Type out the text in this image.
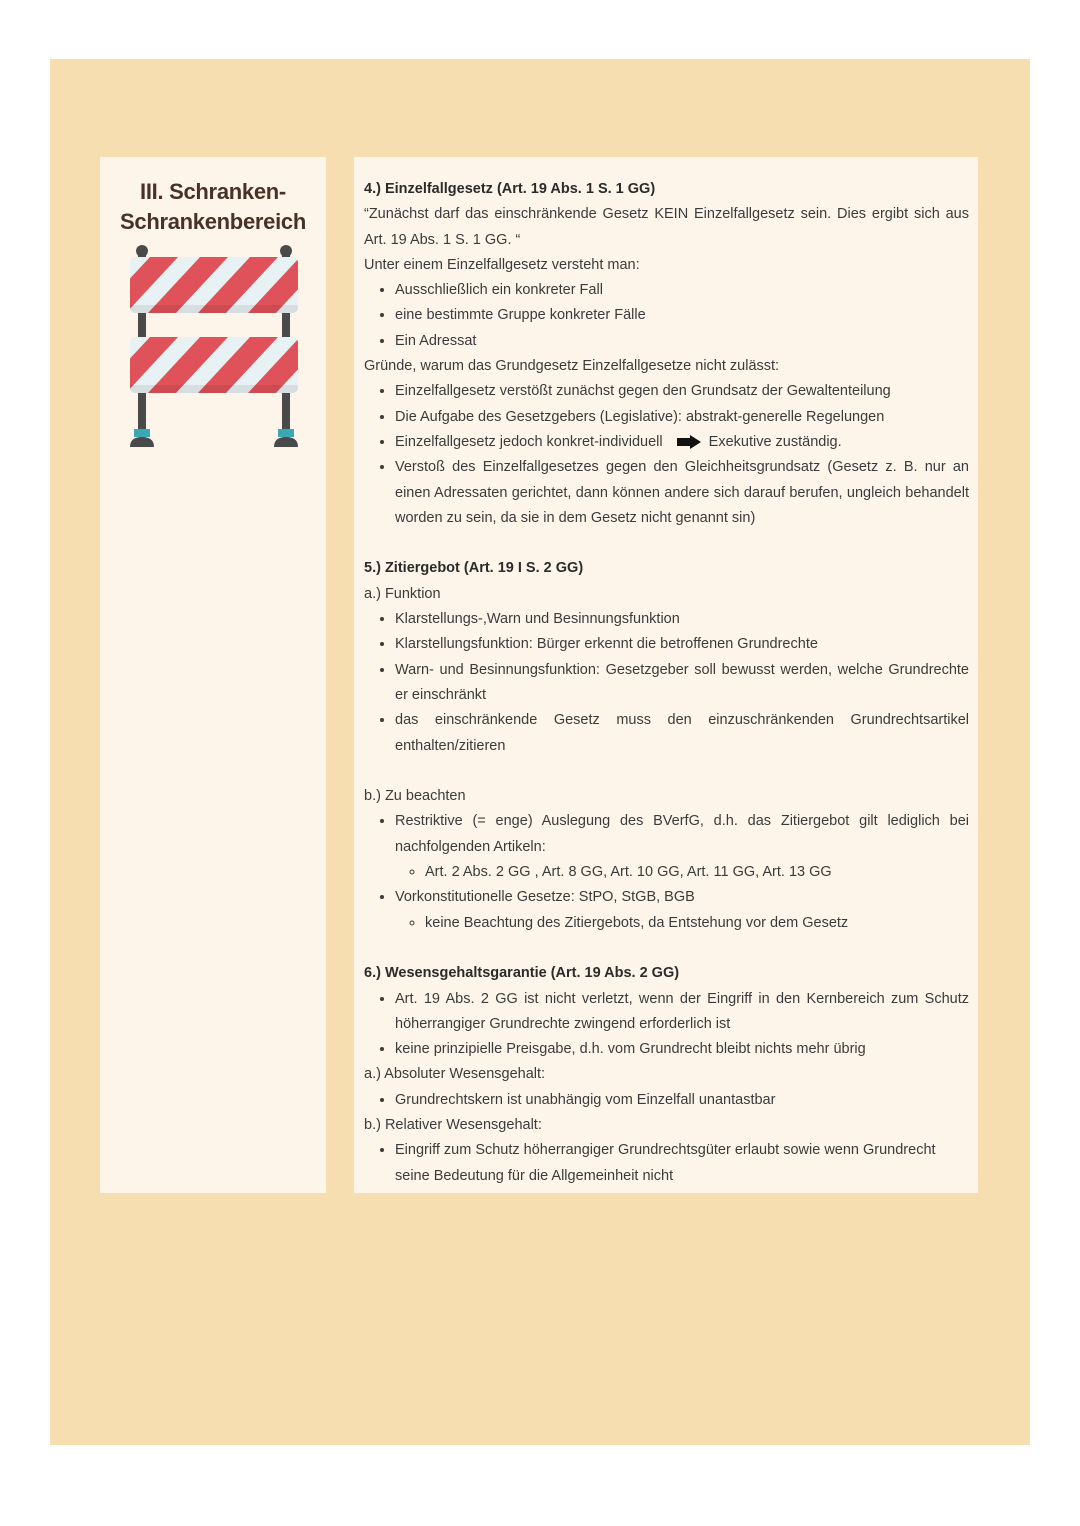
III. Schranken-
Schrankenbereich

4.) Einzelfallgesetz (Art. 19 Abs. 1 S. 1 GG)

“Zunächst darf das einschränkende Gesetz KEIN Einzelfallgesetz sein. Dies ergibt sich aus Art. 19 Abs. 1 S. 1 GG. “

Unter einem Einzelfallgesetz versteht man:

• Ausschließlich ein konkreter Fall
• eine bestimmte Gruppe konkreter Fälle
• Ein Adressat

Gründe, warum das Grundgesetz Einzelfallgesetze nicht zulässt:

• Einzelfallgesetz verstößt zunächst gegen den Grundsatz der Gewaltenteilung
• Die Aufgabe des Gesetzgebers (Legislative): abstrakt-generelle Regelungen
• Einzelfallgesetz jedoch konkret-individuell	Exekutive zuständig.
• Verstoß des Einzelfallgesetzes gegen den Gleichheitsgrundsatz (Gesetz z. B. nur an einen Adressaten gerichtet, dann können andere sich darauf berufen, ungleich behandelt worden zu sein, da sie in dem Gesetz nicht genannt sin)

5.) Zitiergebot (Art. 19 I S. 2 GG)

a.) Funktion

• Klarstellungs-,Warn und Besinnungsfunktion
• Klarstellungsfunktion: Bürger erkennt die betroffenen Grundrechte
• Warn- und Besinnungsfunktion: Gesetzgeber soll bewusst werden, welche Grundrechte er einschränkt
• das einschränkende Gesetz muss den einzuschränkenden Grundrechtsartikel enthalten/zitieren

b.) Zu beachten

• Restriktive (= enge) Auslegung des BVerfG, d.h. das Zitiergebot gilt lediglich bei nachfolgenden Artikeln:
◦ Art. 2 Abs. 2 GG , Art. 8 GG, Art. 10 GG, Art. 11 GG, Art. 13 GG
• Vorkonstitutionelle Gesetze: StPO, StGB, BGB
◦ keine Beachtung des Zitiergebots, da Entstehung vor dem Gesetz

6.) Wesensgehaltsgarantie (Art. 19 Abs. 2 GG)

• Art. 19 Abs. 2 GG ist nicht verletzt, wenn der Eingriff in den Kernbereich zum Schutz höherrangiger Grundrechte zwingend erforderlich ist
• keine prinzipielle Preisgabe, d.h. vom Grundrecht bleibt nichts mehr übrig

a.) Absoluter Wesensgehalt:

• Grundrechtskern ist unabhängig vom Einzelfall unantastbar

b.) Relativer Wesensgehalt:

• Eingriff zum Schutz höherrangiger Grundrechtsgüter erlaubt sowie wenn Grundrecht seine Bedeutung für die Allgemeinheit nicht
